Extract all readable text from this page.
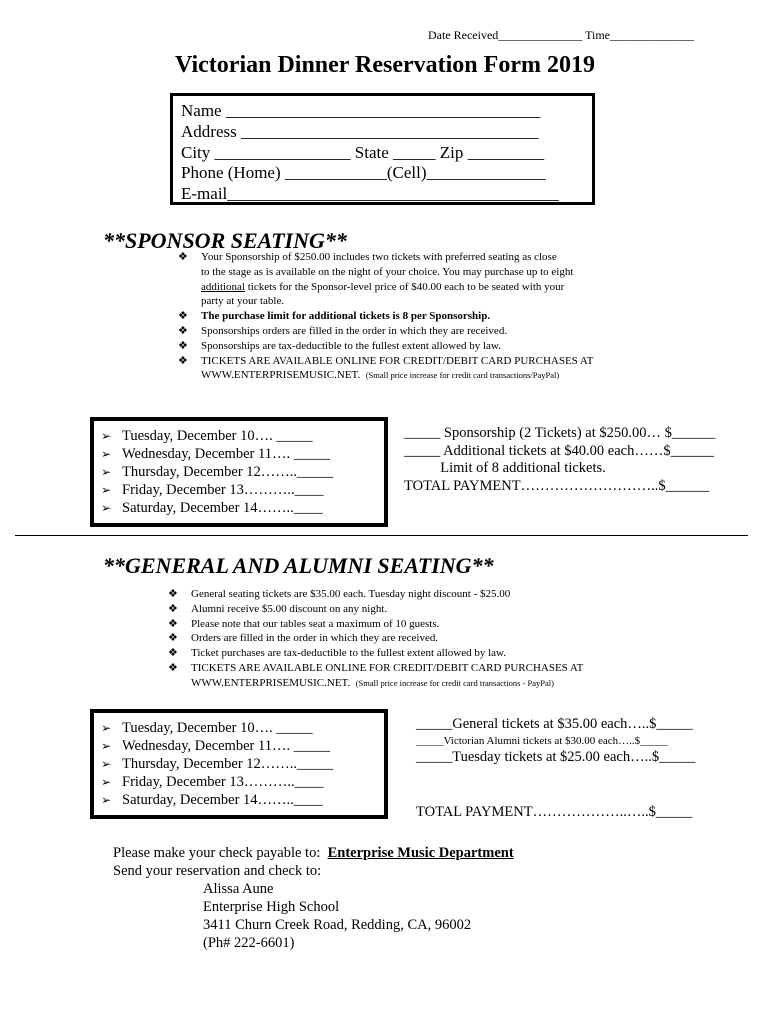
Date Received______________ Time______________
Victorian Dinner Reservation Form 2019
Name _____________________________________
Address ___________________________________
City ________________ State _____ Zip _________
Phone (Home) ____________(Cell)______________
E-mail_______________________________________
**SPONSOR SEATING**
❖ Your Sponsorship of $250.00 includes two tickets with preferred seating as close
to the stage as is available on the night of your choice. You may purchase up to eight
additional tickets for the Sponsor-level price of $40.00 each to be seated with your
party at your table.
❖ The purchase limit for additional tickets is 8 per Sponsorship.
❖ Sponsorships orders are filled in the order in which they are received.
❖ Sponsorships are tax-deductible to the fullest extent allowed by law.
❖ TICKETS ARE AVAILABLE ONLINE FOR CREDIT/DEBIT CARD PURCHASES AT
WWW.ENTERPRISEMUSIC.NET. (Small price increase for credit card transactions/PayPal)
➢ Tuesday, December 10…. _____
➢ Wednesday, December 11…. _____
➢ Thursday, December 12…….._____
➢ Friday, December 13………..____
➢ Saturday, December 14……..____
_____ Sponsorship (2 Tickets) at $250.00… $______
_____ Additional tickets at $40.00 each……$______
Limit of 8 additional tickets.
TOTAL PAYMENT………………………..$______
**GENERAL AND ALUMNI SEATING**
❖ General seating tickets are $35.00 each. Tuesday night discount - $25.00
❖ Alumni receive $5.00 discount on any night.
❖ Please note that our tables seat a maximum of 10 guests.
❖ Orders are filled in the order in which they are received.
❖ Ticket purchases are tax-deductible to the fullest extent allowed by law.
❖ TICKETS ARE AVAILABLE ONLINE FOR CREDIT/DEBIT CARD PURCHASES AT
WWW.ENTERPRISEMUSIC.NET. (Small price increase for credit card transactions - PayPal)
➢ Tuesday, December 10…. _____
➢ Wednesday, December 11…. _____
➢ Thursday, December 12…….._____
➢ Friday, December 13………..____
➢ Saturday, December 14……..____
_____General tickets at $35.00 each…..$_____
_____Victorian Alumni tickets at $30.00 each…..$_____
_____Tuesday tickets at $25.00 each…..$_____
TOTAL PAYMENT………………..…..$_____
Please make your check payable to:  Enterprise Music Department
Send your reservation and check to:
Alissa Aune
Enterprise High School
3411 Churn Creek Road, Redding, CA, 96002
(Ph# 222-6601)
